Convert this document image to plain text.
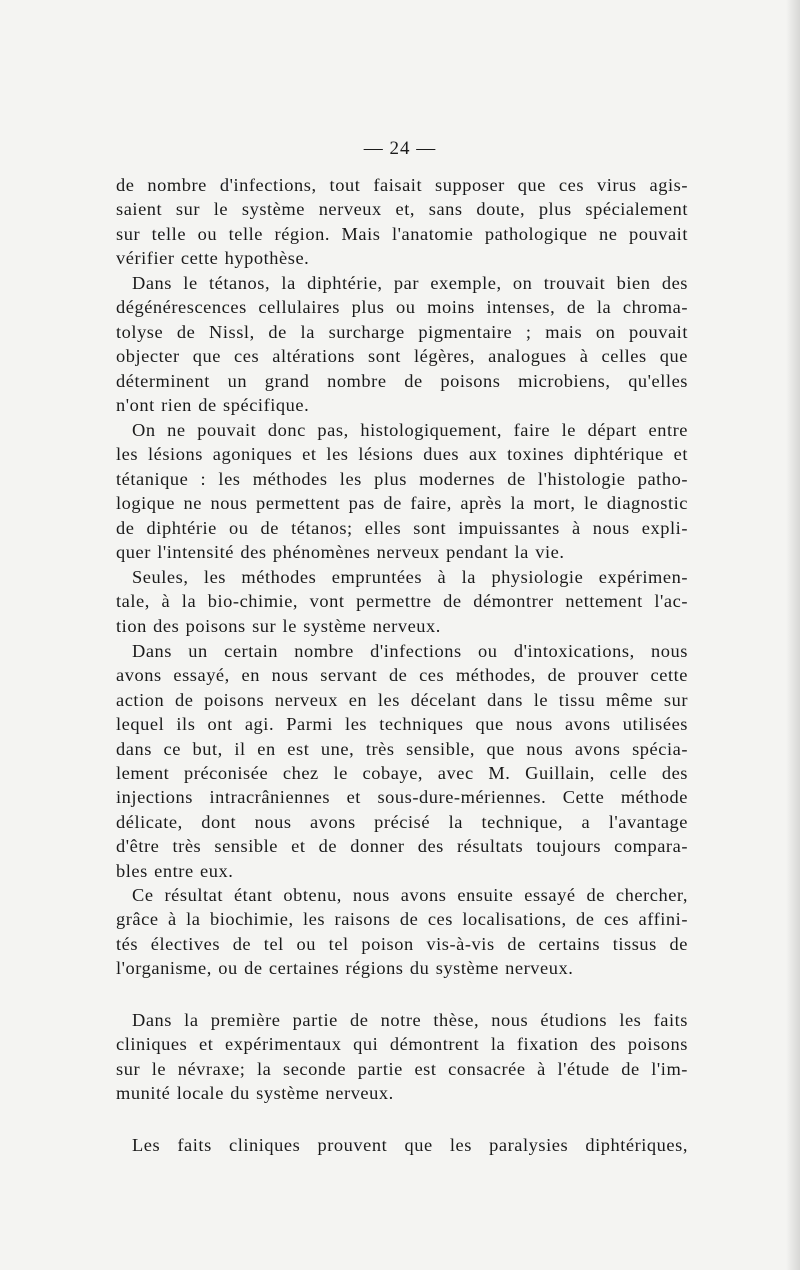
— 24 —
de nombre d'infections, tout faisait supposer que ces virus agis-
saient sur le système nerveux et, sans doute, plus spécialement
sur telle ou telle région. Mais l'anatomie pathologique ne pouvait
vérifier cette hypothèse.
Dans le tétanos, la diphtérie, par exemple, on trouvait bien des
dégénérescences cellulaires plus ou moins intenses, de la chroma-
tolyse de Nissl, de la surcharge pigmentaire ; mais on pouvait
objecter que ces altérations sont légères, analogues à celles que
déterminent un grand nombre de poisons microbiens, qu'elles
n'ont rien de spécifique.
On ne pouvait donc pas, histologiquement, faire le départ entre
les lésions agoniques et les lésions dues aux toxines diphtérique et
tétanique : les méthodes les plus modernes de l'histologie patho-
logique ne nous permettent pas de faire, après la mort, le diagnostic
de diphtérie ou de tétanos; elles sont impuissantes à nous expli-
quer l'intensité des phénomènes nerveux pendant la vie.
Seules, les méthodes empruntées à la physiologie expérimen-
tale, à la bio-chimie, vont permettre de démontrer nettement l'ac-
tion des poisons sur le système nerveux.
Dans un certain nombre d'infections ou d'intoxications, nous
avons essayé, en nous servant de ces méthodes, de prouver cette
action de poisons nerveux en les décelant dans le tissu même sur
lequel ils ont agi. Parmi les techniques que nous avons utilisées
dans ce but, il en est une, très sensible, que nous avons spécia-
lement préconisée chez le cobaye, avec M. Guillain, celle des
injections intracrâniennes et sous-dure-mériennes. Cette méthode
délicate, dont nous avons précisé la technique, a l'avantage
d'être très sensible et de donner des résultats toujours compara-
bles entre eux.
Ce résultat étant obtenu, nous avons ensuite essayé de chercher,
grâce à la biochimie, les raisons de ces localisations, de ces affini-
tés électives de tel ou tel poison vis-à-vis de certains tissus de
l'organisme, ou de certaines régions du système nerveux.
Dans la première partie de notre thèse, nous étudions les faits
cliniques et expérimentaux qui démontrent la fixation des poisons
sur le névraxe; la seconde partie est consacrée à l'étude de l'im-
munité locale du système nerveux.
Les faits cliniques prouvent que les paralysies diphtériques,
